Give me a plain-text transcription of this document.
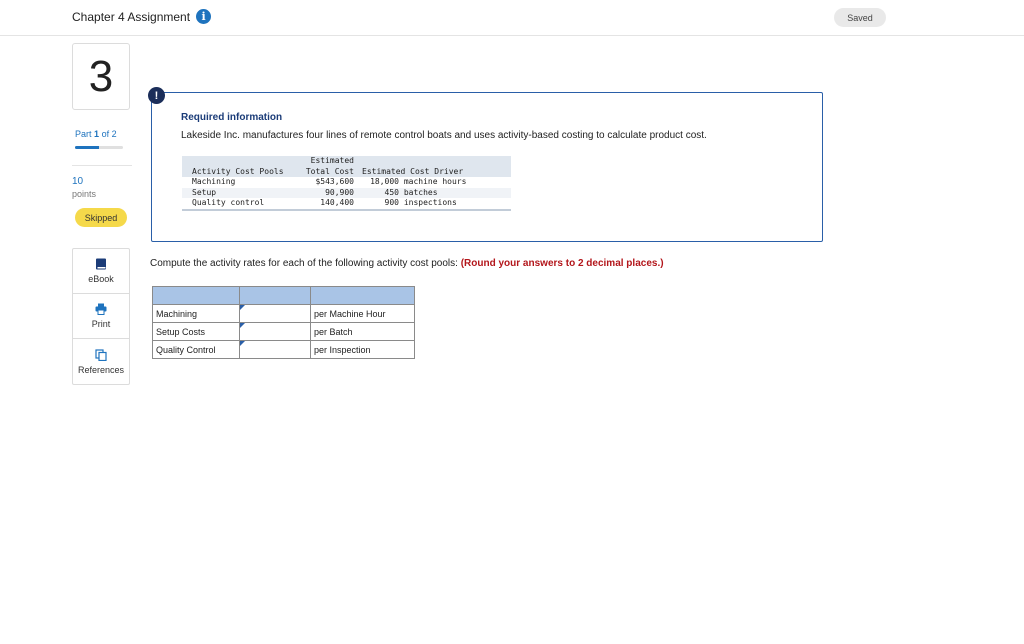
Chapter 4 Assignment	i	Saved
3
Part 1 of 2
10
points
Skipped
eBook
Print
References
Required information
Lakeside Inc. manufactures four lines of remote control boats and uses activity-based costing to calculate product cost.
	Estimated	
Activity Cost Pools	Total Cost	Estimated Cost Driver
Machining	$543,600	18,000 machine hours
Setup	90,900	450 batches
Quality control	140,400	900 inspections
!
Compute the activity rates for each of the following activity cost pools: (Round your answers to 2 decimal places.)

Machining		per Machine Hour
Setup Costs		per Batch
Quality Control		per Inspection
